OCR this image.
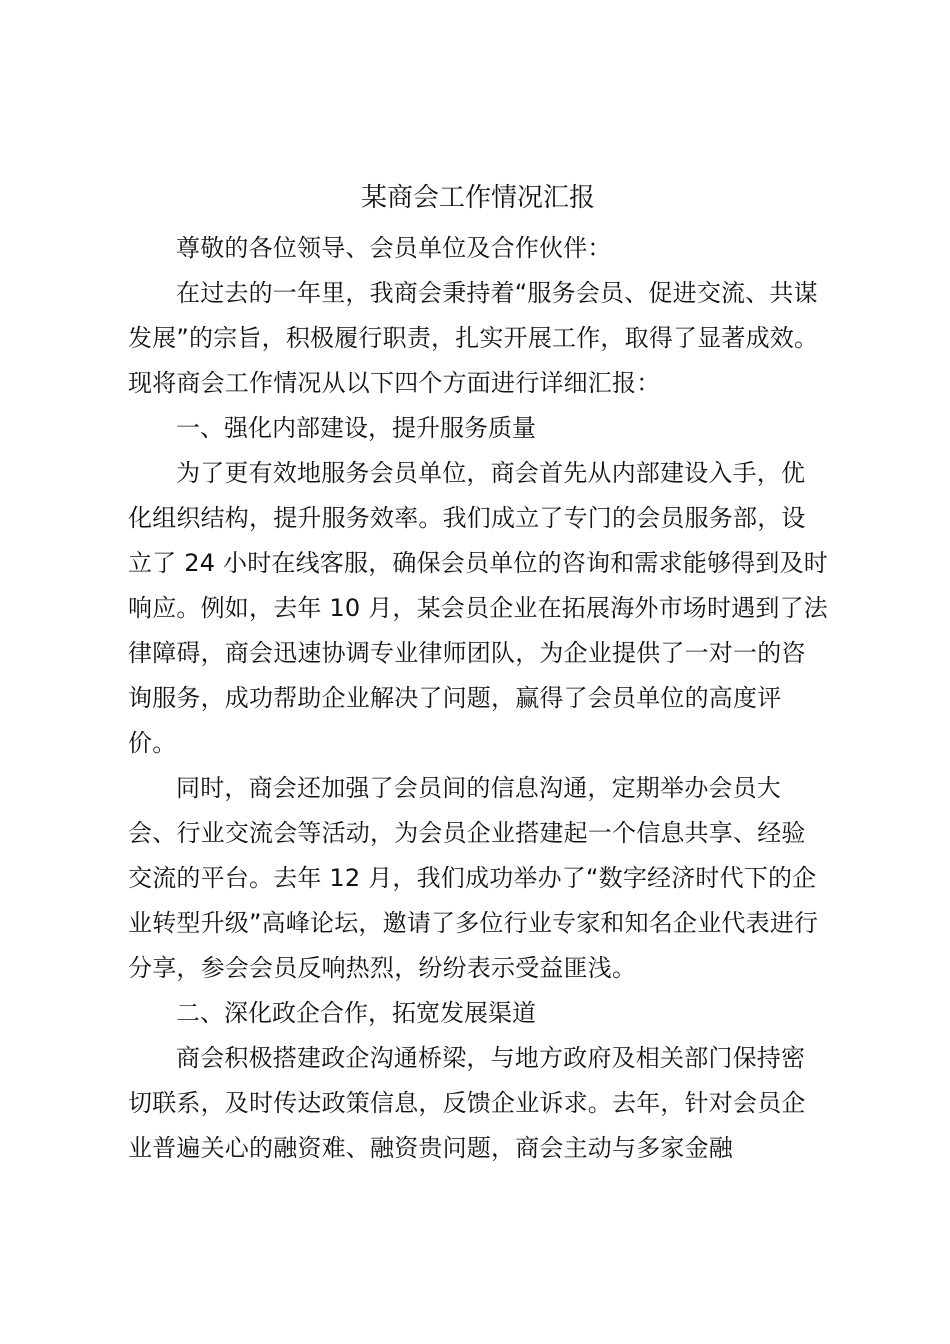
某商会工作情况汇报

尊敬的各位领导、会员单位及合作伙伴：

在过去的一年里，我商会秉持着“服务会员、促进交流、共谋发展”的宗旨，积极履行职责，扎实开展工作，取得了显著成效。现将商会工作情况从以下四个方面进行详细汇报：

一、强化内部建设，提升服务质量

为了更有效地服务会员单位，商会首先从内部建设入手，优化组织结构，提升服务效率。我们成立了专门的会员服务部，设立了 24 小时在线客服，确保会员单位的咨询和需求能够得到及时响应。例如，去年 10 月，某会员企业在拓展海外市场时遇到了法律障碍，商会迅速协调专业律师团队，为企业提供了一对一的咨询服务，成功帮助企业解决了问题，赢得了会员单位的高度评价。

同时，商会还加强了会员间的信息沟通，定期举办会员大会、行业交流会等活动，为会员企业搭建起一个信息共享、经验交流的平台。去年 12 月，我们成功举办了“数字经济时代下的企业转型升级”高峰论坛，邀请了多位行业专家和知名企业代表进行分享，参会会员反响热烈，纷纷表示受益匪浅。

二、深化政企合作，拓宽发展渠道

商会积极搭建政企沟通桥梁，与地方政府及相关部门保持密切联系，及时传达政策信息，反馈企业诉求。去年，针对会员企业普遍关心的融资难、融资贵问题，商会主动与多家金融
